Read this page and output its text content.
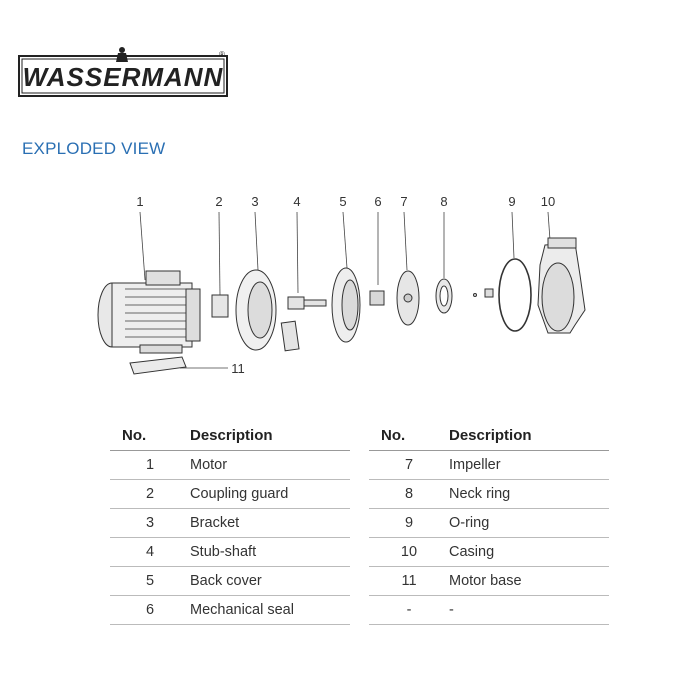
WASSERMANN
®
EXPLODED VIEW
1	2 3	4	5 6 7	8	9 10
11
No.	Description
1	Motor
2	Coupling guard
3	Bracket
4	Stub-shaft
5	Back cover
6	Mechanical seal
No.	Description
7	Impeller
8	Neck ring
9	O-ring
10	Casing
11	Motor base
-	-
